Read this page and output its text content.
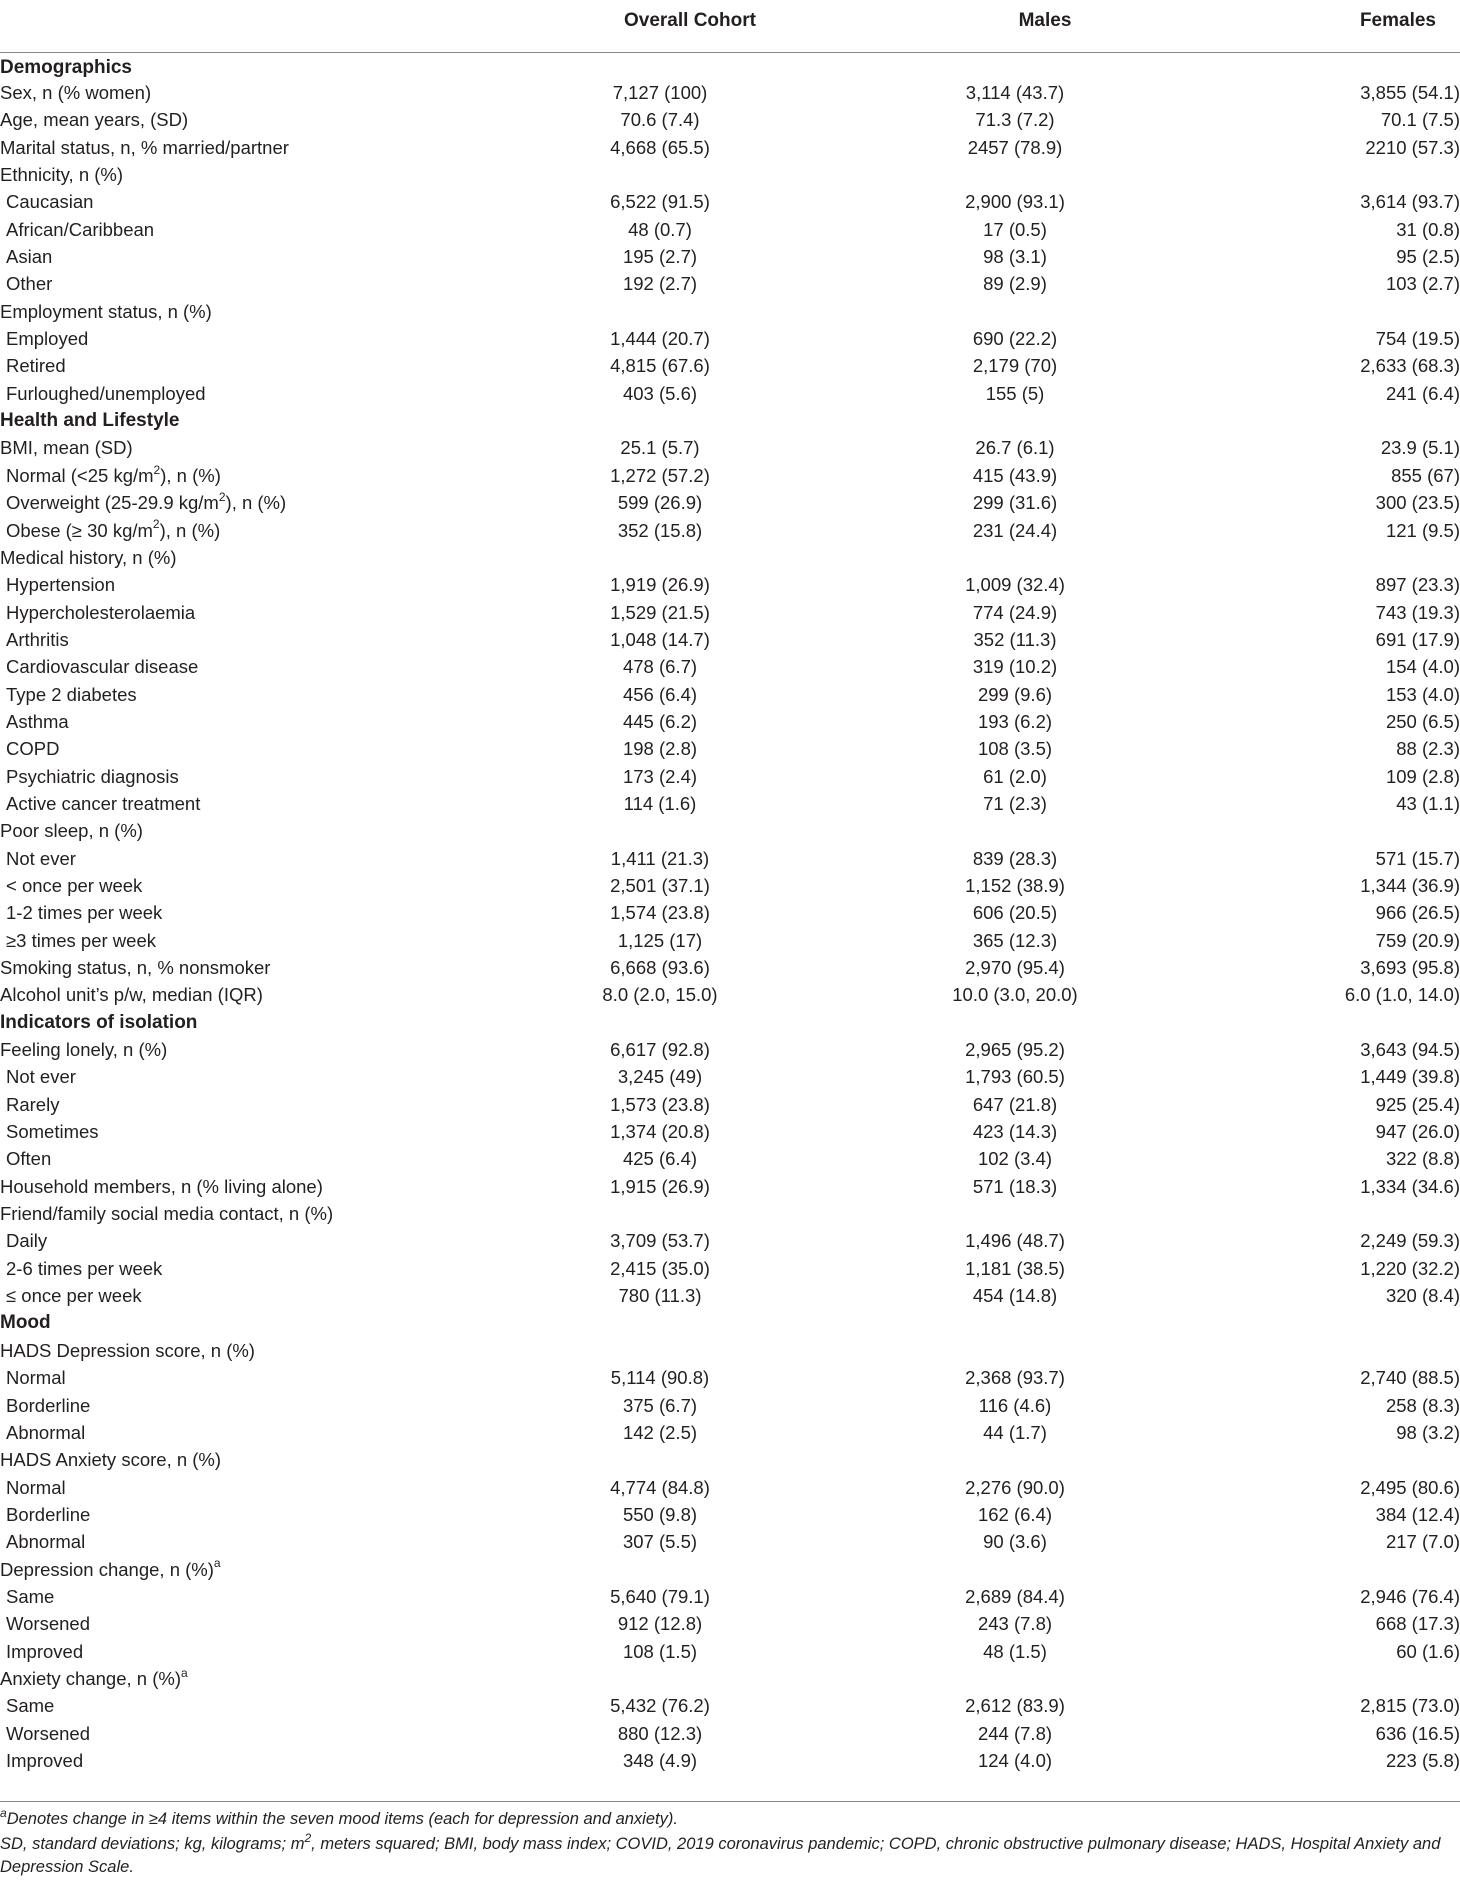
	Overall Cohort	Males	Females
Demographics			
Sex, n (% women)	7,127 (100)	3,114 (43.7)	3,855 (54.1)
Age, mean years, (SD)	70.6 (7.4)	71.3 (7.2)	70.1 (7.5)
Marital status, n, % married/partner	4,668 (65.5)	2457 (78.9)	2210 (57.3)
Ethnicity, n (%)			
Caucasian	6,522 (91.5)	2,900 (93.1)	3,614 (93.7)
African/Caribbean	48 (0.7)	17 (0.5)	31 (0.8)
Asian	195 (2.7)	98 (3.1)	95 (2.5)
Other	192 (2.7)	89 (2.9)	103 (2.7)
Employment status, n (%)			
Employed	1,444 (20.7)	690 (22.2)	754 (19.5)
Retired	4,815 (67.6)	2,179 (70)	2,633 (68.3)
Furloughed/unemployed	403 (5.6)	155 (5)	241 (6.4)
Health and Lifestyle			
BMI, mean (SD)	25.1 (5.7)	26.7 (6.1)	23.9 (5.1)
Normal (<25 $kg/m^2$), n (%)	1,272 (57.2)	415 (43.9)	855 (67)
Overweight (25-29.9 $kg/m^2$), n (%)	599 (26.9)	299 (31.6)	300 (23.5)
Obese (≥ 30 $kg/m^2$), n (%)	352 (15.8)	231 (24.4)	121 (9.5)
Medical history, n (%)			
Hypertension	1,919 (26.9)	1,009 (32.4)	897 (23.3)
Hypercholesterolaemia	1,529 (21.5)	774 (24.9)	743 (19.3)
Arthritis	1,048 (14.7)	352 (11.3)	691 (17.9)
Cardiovascular disease	478 (6.7)	319 (10.2)	154 (4.0)
Type 2 diabetes	456 (6.4)	299 (9.6)	153 (4.0)
Asthma	445 (6.2)	193 (6.2)	250 (6.5)
COPD	198 (2.8)	108 (3.5)	88 (2.3)
Psychiatric diagnosis	173 (2.4)	61 (2.0)	109 (2.8)
Active cancer treatment	114 (1.6)	71 (2.3)	43 (1.1)
Poor sleep, n (%)			
Not ever	1,411 (21.3)	839 (28.3)	571 (15.7)
< once per week	2,501 (37.1)	1,152 (38.9)	1,344 (36.9)
1-2 times per week	1,574 (23.8)	606 (20.5)	966 (26.5)
≥3 times per week	1,125 (17)	365 (12.3)	759 (20.9)
Smoking status, n, % nonsmoker	6,668 (93.6)	2,970 (95.4)	3,693 (95.8)
Alcohol unit’s p/w, median (IQR)	8.0 (2.0, 15.0)	10.0 (3.0, 20.0)	6.0 (1.0, 14.0)
Indicators of isolation			
Feeling lonely, n (%)	6,617 (92.8)	2,965 (95.2)	3,643 (94.5)
Not ever	3,245 (49)	1,793 (60.5)	1,449 (39.8)
Rarely	1,573 (23.8)	647 (21.8)	925 (25.4)
Sometimes	1,374 (20.8)	423 (14.3)	947 (26.0)
Often	425 (6.4)	102 (3.4)	322 (8.8)
Household members, n (% living alone)	1,915 (26.9)	571 (18.3)	1,334 (34.6)
Friend/family social media contact, n (%)			
Daily	3,709 (53.7)	1,496 (48.7)	2,249 (59.3)
2-6 times per week	2,415 (35.0)	1,181 (38.5)	1,220 (32.2)
≤ once per week	780 (11.3)	454 (14.8)	320 (8.4)
Mood			
HADS Depression score, n (%)			
Normal	5,114 (90.8)	2,368 (93.7)	2,740 (88.5)
Borderline	375 (6.7)	116 (4.6)	258 (8.3)
Abnormal	142 (2.5)	44 (1.7)	98 (3.2)
HADS Anxiety score, n (%)			
Normal	4,774 (84.8)	2,276 (90.0)	2,495 (80.6)
Borderline	550 (9.8)	162 (6.4)	384 (12.4)
Abnormal	307 (5.5)	90 (3.6)	217 (7.0)
Depression change, n (%)$^a$			
Same	5,640 (79.1)	2,689 (84.4)	2,946 (76.4)
Worsened	912 (12.8)	243 (7.8)	668 (17.3)
Improved	108 (1.5)	48 (1.5)	60 (1.6)
Anxiety change, n (%)$^a$			
Same	5,432 (76.2)	2,612 (83.9)	2,815 (73.0)
Worsened	880 (12.3)	244 (7.8)	636 (16.5)
Improved	348 (4.9)	124 (4.0)	223 (5.8)

$^a$Denotes change in ≥4 items within the seven mood items (each for depression and anxiety).

SD, standard deviations; kg, kilograms; $m^2$, meters squared; BMI, body mass index; COVID, 2019 coronavirus pandemic; COPD, chronic obstructive pulmonary disease; HADS, Hospital Anxiety and Depression Scale.
